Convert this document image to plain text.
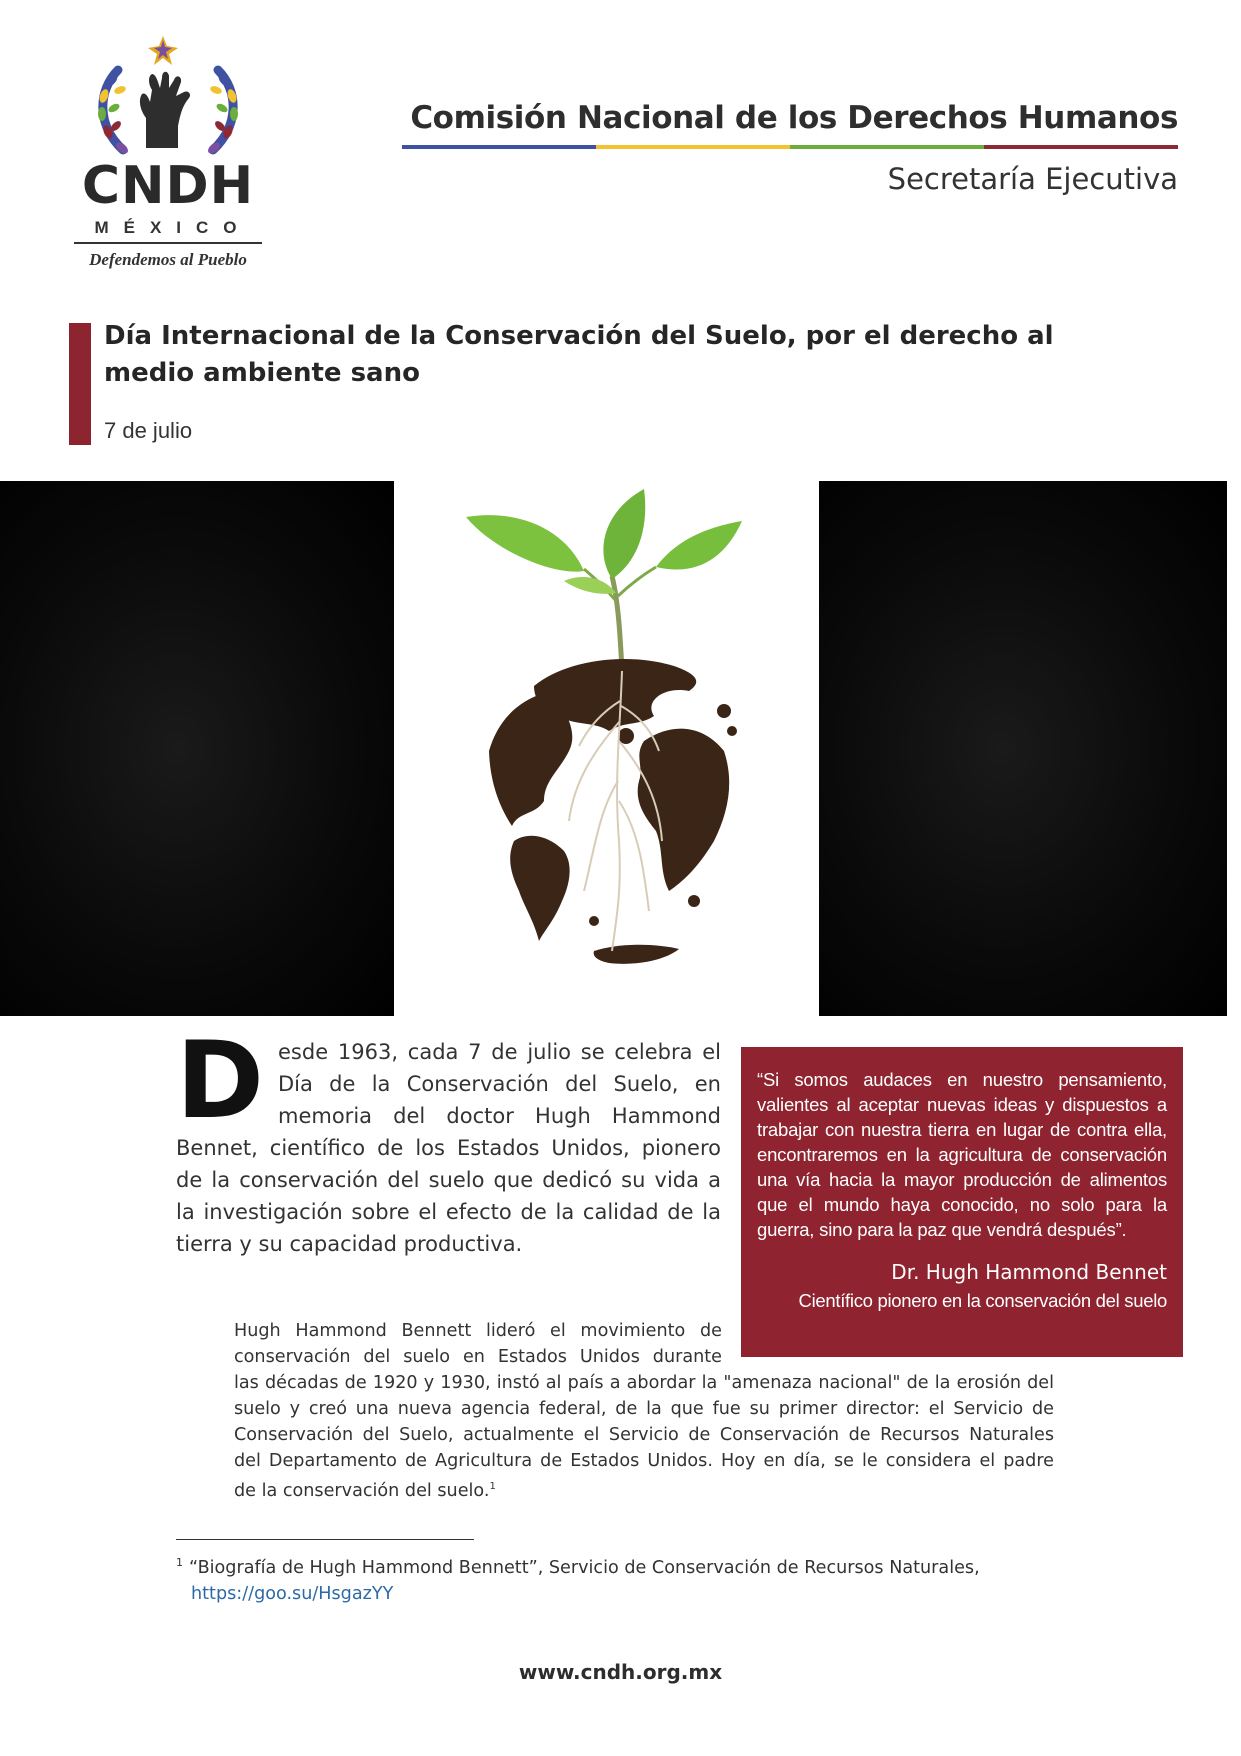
CNDH
MÉXICO
Defendemos al Pueblo
Comisión Nacional de los Derechos Humanos
Secretaría Ejecutiva
Día Internacional de la Conservación del Suelo, por el derecho al medio ambiente sano
7 de julio
D esde 1963, cada 7 de julio se celebra el
Día de la Conservación del Suelo, en
memoria del doctor Hugh Hammond
Bennet, científico de los Estados Unidos, pionero
de la conservación del suelo que dedicó su vida a
la investigación sobre el efecto de la calidad de la
tierra y su capacidad productiva.

“Si somos audaces en nuestro pensamiento, valientes al aceptar nuevas ideas y dispuestos a trabajar con nuestra tierra en lugar de contra ella, encontraremos en la agricultura de conservación una vía hacia la mayor producción de alimentos que el mundo haya conocido, no solo para la guerra, sino para la paz que vendrá después”.

Dr. Hugh Hammond Bennet
Científico pionero en la conservación del suelo
Hugh Hammond Bennett lideró el movimiento de
conservación del suelo en Estados Unidos durante
las décadas de 1920 y 1930, instó al país a abordar la "amenaza nacional" de la erosión del
suelo y creó una nueva agencia federal, de la que fue su primer director: el Servicio de
Conservación del Suelo, actualmente el Servicio de Conservación de Recursos Naturales
del Departamento de Agricultura de Estados Unidos. Hoy en día, se le considera el padre
de la conservación del suelo.$^1$
$^1$ “Biografía de Hugh Hammond Bennett”, Servicio de Conservación de Recursos Naturales,
https://goo.su/HsgazYY
www.cndh.org.mx
